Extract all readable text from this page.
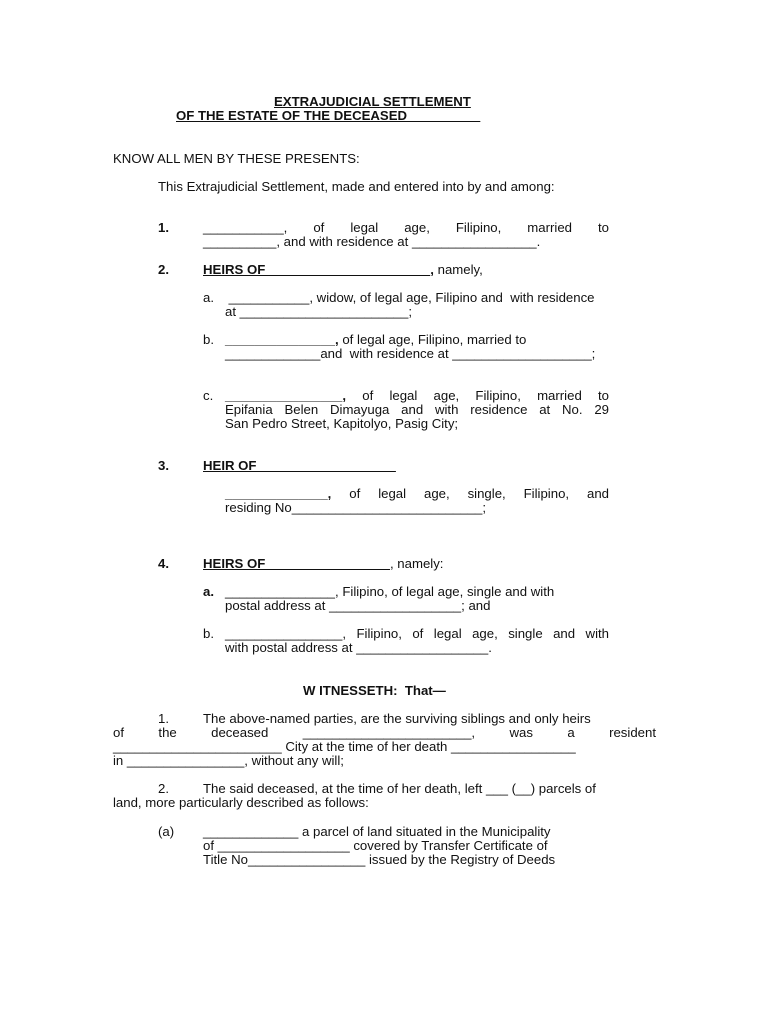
EXTRAJUDICIAL SETTLEMENT
OF THE ESTATE OF THE DECEASED
KNOW ALL MEN BY THESE PRESENTS:
This Extrajudicial Settlement, made and entered into by and among:
1.	___________,  of  legal  age,  Filipino,  married  to
__________, and with residence at _________________.
2.	HEIRS OF ______________________, namely,
a. ___________, widow, of legal age, Filipino and  with residence
at _______________________;
b. _______________, of legal age, Filipino, married to
_____________and  with residence at ___________________;
c. ________________,  of  legal  age,  Filipino,  married  to
Epifania  Belen  Dimayuga  and  with  residence  at  No.  29
San Pedro Street, Kapitolyo, Pasig City;
3.	HEIR OF___________________
______________,  of  legal  age,  single,  Filipino,  and
residing No__________________________;
4.	HEIRS OF_________________, namely:
a. _______________, Filipino, of legal age, single and with
postal address at __________________; and
b. ________________,  Filipino,  of  legal  age,  single  and  with
with postal address at __________________.
W ITNESSETH:  That—
1.	The above-named parties, are the surviving siblings and only heirs
of  the  deceased  _______________________,  was  a  resident
_______________________ City at the time of her death _________________
in ________________, without any will;
2.	The said deceased, at the time of her death, left ___ (__) parcels of
land, more particularly described as follows:
(a) _____________ a parcel of land situated in the Municipality
of __________________ covered by Transfer Certificate of
Title No________________ issued by the Registry of Deeds
